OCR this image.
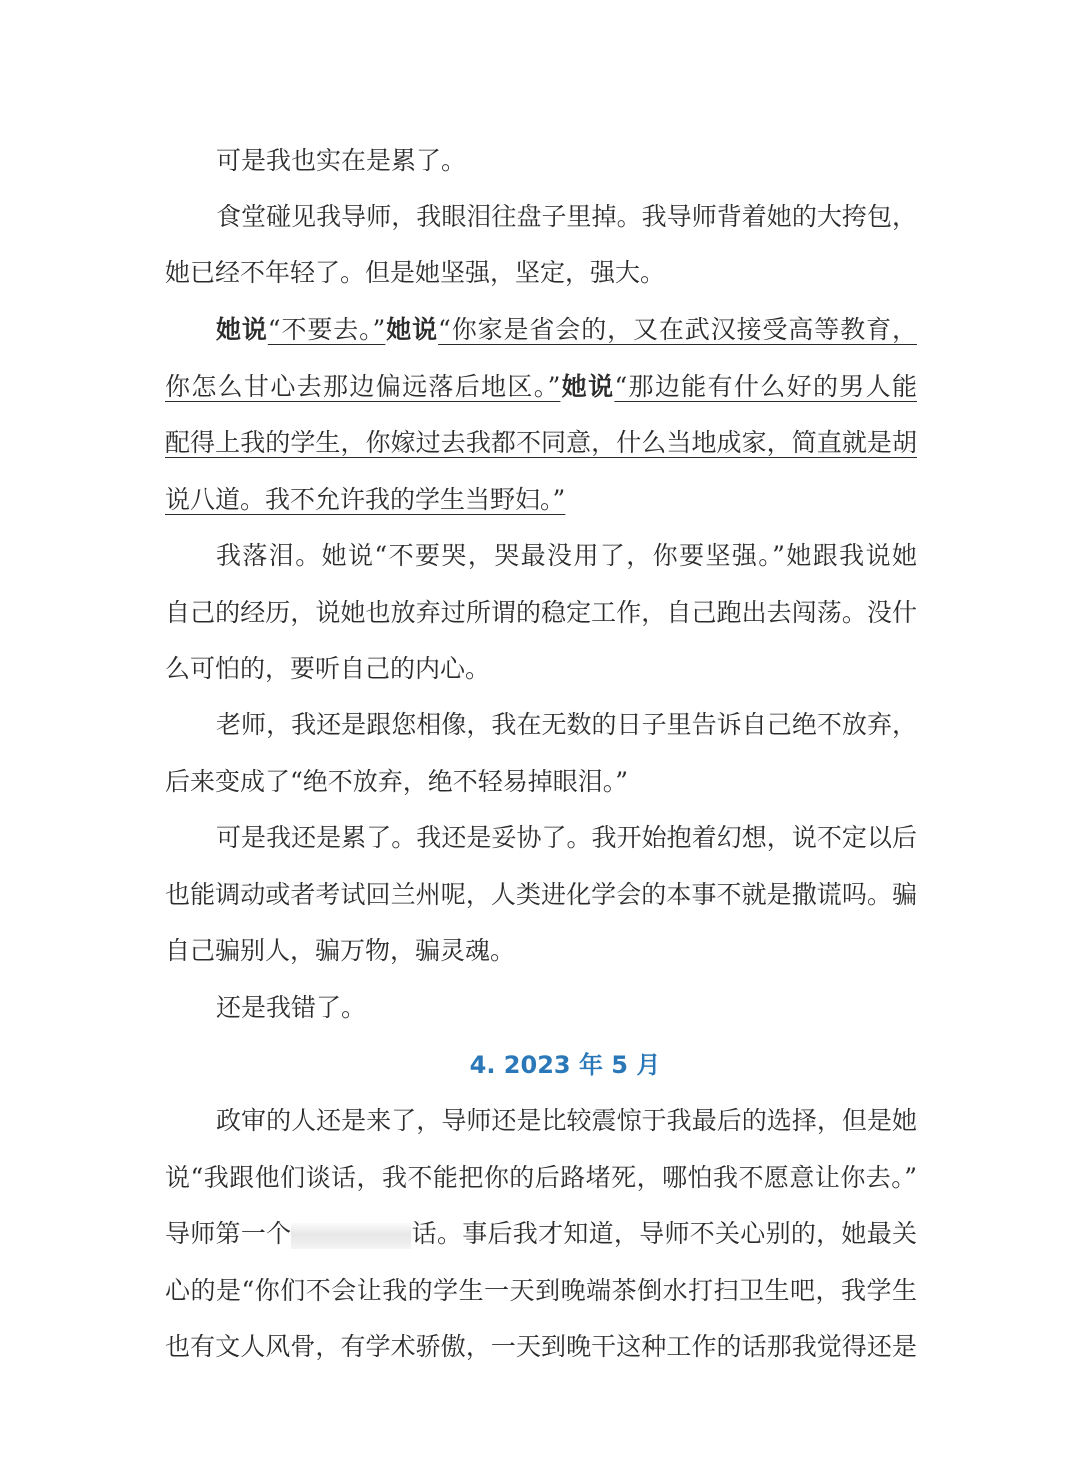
可是我也实在是累了。
食堂碰见我导师，我眼泪往盘子里掉。我导师背着她的大挎包，
她已经不年轻了。但是她坚强，坚定，强大。
她说“不要去。”她说“你家是省会的，又在武汉接受高等教育，
你怎么甘心去那边偏远落后地区。”她说“那边能有什么好的男人能
配得上我的学生，你嫁过去我都不同意，什么当地成家，简直就是胡
说八道。我不允许我的学生当野妇。”
我落泪。她说“不要哭，哭最没用了，你要坚强。”她跟我说她
自己的经历，说她也放弃过所谓的稳定工作，自己跑出去闯荡。没什
么可怕的，要听自己的内心。
老师，我还是跟您相像，我在无数的日子里告诉自己绝不放弃，
后来变成了“绝不放弃，绝不轻易掉眼泪。”
可是我还是累了。我还是妥协了。我开始抱着幻想，说不定以后
也能调动或者考试回兰州呢，人类进化学会的本事不就是撒谎吗。骗
自己骗别人，骗万物，骗灵魂。
还是我错了。
4. 2023 年 5 月
政审的人还是来了，导师还是比较震惊于我最后的选择，但是她
说“我跟他们谈话，我不能把你的后路堵死，哪怕我不愿意让你去。”
导师第一个	话。事后我才知道，导师不关心别的，她最关
心的是“你们不会让我的学生一天到晚端茶倒水打扫卫生吧，我学生
也有文人风骨，有学术骄傲，一天到晚干这种工作的话那我觉得还是
